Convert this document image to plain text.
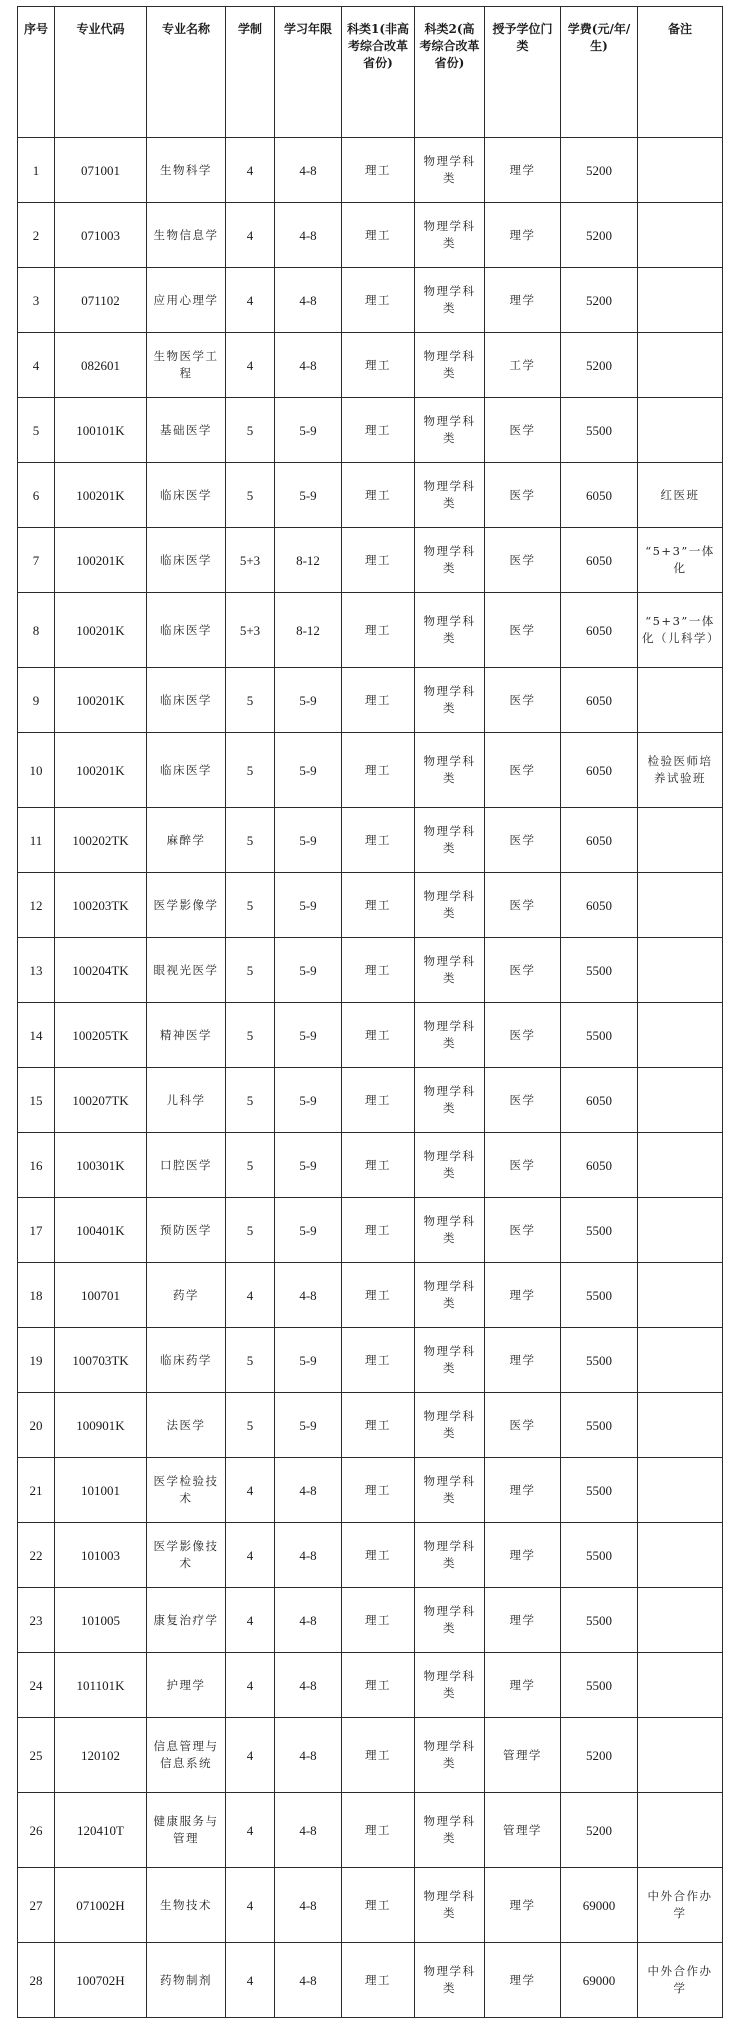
序号	专业代码	专业名称	学制	学习年限	科类1(非高考综合改革省份)	科类2(高考综合改革省份)	授予学位门类	学费(元/年/生)	备注
1	071001	生物科学	4	4-8	理工	物理学科类	理学	5200	
2	071003	生物信息学	4	4-8	理工	物理学科类	理学	5200	
3	071102	应用心理学	4	4-8	理工	物理学科类	理学	5200	
4	082601	生物医学工程	4	4-8	理工	物理学科类	工学	5200	
5	100101K	基础医学	5	5-9	理工	物理学科类	医学	5500	
6	100201K	临床医学	5	5-9	理工	物理学科类	医学	6050	红医班
7	100201K	临床医学	5+3	8-12	理工	物理学科类	医学	6050	“5+3”一体化
8	100201K	临床医学	5+3	8-12	理工	物理学科类	医学	6050	“5+3”一体化（儿科学）
9	100201K	临床医学	5	5-9	理工	物理学科类	医学	6050	
10	100201K	临床医学	5	5-9	理工	物理学科类	医学	6050	检验医师培养试验班
11	100202TK	麻醉学	5	5-9	理工	物理学科类	医学	6050	
12	100203TK	医学影像学	5	5-9	理工	物理学科类	医学	6050	
13	100204TK	眼视光医学	5	5-9	理工	物理学科类	医学	5500	
14	100205TK	精神医学	5	5-9	理工	物理学科类	医学	5500	
15	100207TK	儿科学	5	5-9	理工	物理学科类	医学	6050	
16	100301K	口腔医学	5	5-9	理工	物理学科类	医学	6050	
17	100401K	预防医学	5	5-9	理工	物理学科类	医学	5500	
18	100701	药学	4	4-8	理工	物理学科类	理学	5500	
19	100703TK	临床药学	5	5-9	理工	物理学科类	理学	5500	
20	100901K	法医学	5	5-9	理工	物理学科类	医学	5500	
21	101001	医学检验技术	4	4-8	理工	物理学科类	理学	5500	
22	101003	医学影像技术	4	4-8	理工	物理学科类	理学	5500	
23	101005	康复治疗学	4	4-8	理工	物理学科类	理学	5500	
24	101101K	护理学	4	4-8	理工	物理学科类	理学	5500	
25	120102	信息管理与信息系统	4	4-8	理工	物理学科类	管理学	5200	
26	120410T	健康服务与管理	4	4-8	理工	物理学科类	管理学	5200	
27	071002H	生物技术	4	4-8	理工	物理学科类	理学	69000	中外合作办学
28	100702H	药物制剂	4	4-8	理工	物理学科类	理学	69000	中外合作办学
